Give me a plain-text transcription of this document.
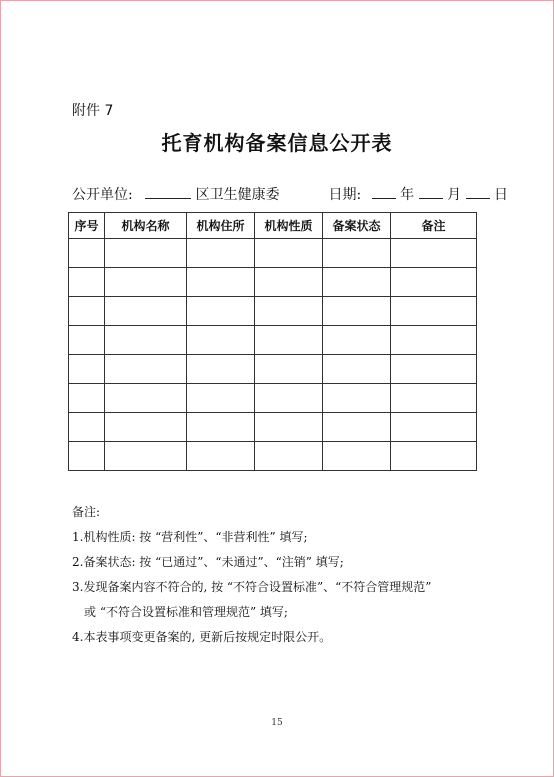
附件 7
托育机构备案信息公开表
公开单位:	区卫生健康委	日期:	年 月 日
序号	机构名称	机构住所	机构性质	备案状态	备注

备注:
1.机构性质: 按 “营利性”、“非营利性” 填写;
2.备案状态: 按 “已通过”、“未通过”、“注销” 填写;
3.发现备案内容不符合的, 按 “不符合设置标准”、“不符合管理规范”
或 “不符合设置标准和管理规范” 填写;
4.本表事项变更备案的, 更新后按规定时限公开。
15
